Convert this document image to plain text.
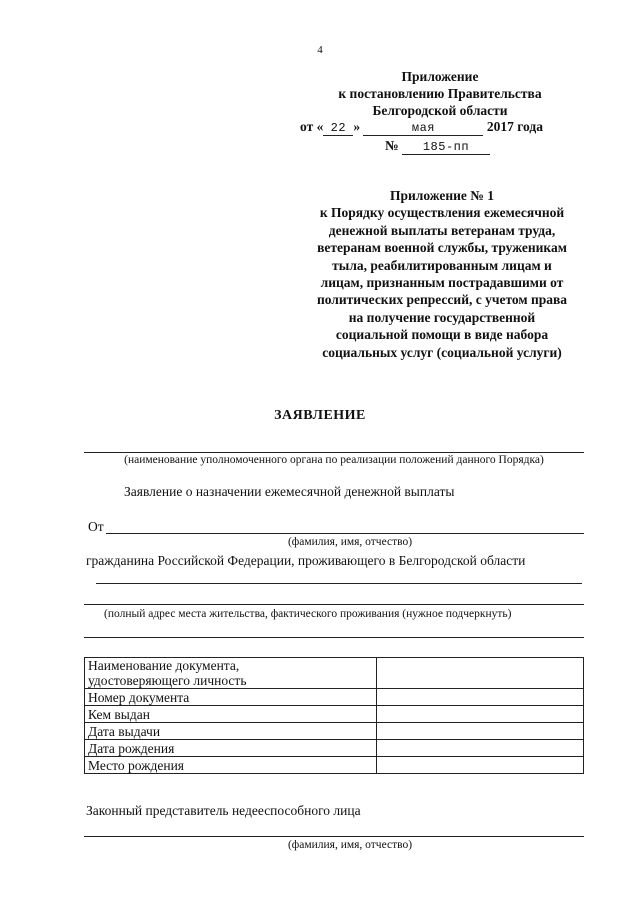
4
Приложение
к постановлению Правительства
Белгородской области
от « 22 »	мая	2017 года
№ 185-пп
Приложение № 1
к Порядку осуществления ежемесячной
денежной выплаты ветеранам труда,
ветеранам военной службы, труженикам
тыла, реабилитированным лицам и
лицам, признанным пострадавшими от
политических репрессий, с учетом права
на получение государственной
социальной помощи в виде набора
социальных услуг (социальной услуги)
ЗАЯВЛЕНИЕ
(наименование уполномоченного органа по реализации положений данного Порядка)
Заявление о назначении ежемесячной денежной выплаты
От
(фамилия, имя, отчество)
гражданина Российской Федерации, проживающего в Белгородской области
(полный адрес места жительства, фактического проживания (нужное подчеркнуть)
Наименование документа,
удостоверяющего личность	

Номер документа	
Кем выдан	
Дата выдачи	
Дата рождения	
Место рождения	
Законный представитель недееспособного лица
(фамилия, имя, отчество)
